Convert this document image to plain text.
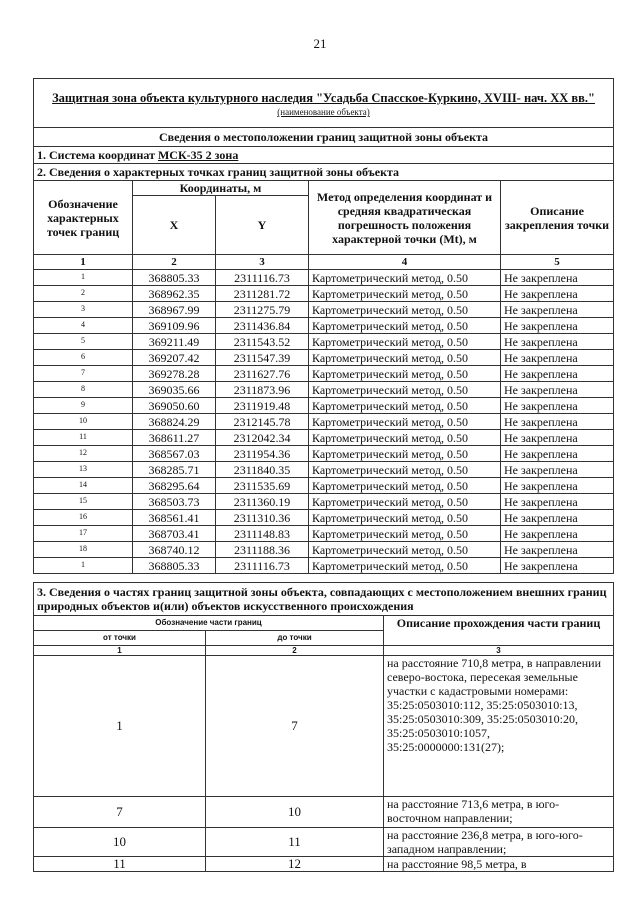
21
Защитная зона объекта культурного наследия "Усадьба Спасское-Куркино, XVIII- нач. XX вв."
(наименование объекта)				

Сведения о местоположении границ защитной зоны объекта				
1. Система координат МСК-35 2 зона				
2. Сведения о характерных точках границ защитной зоны объекта				
Обозначение характерных точек границ	Координаты, м		Метод определения координат и средняя квадратическая погрешность положения характерной точки (Mt), м	Описание закрепления точки
	X	Y		
1	2	3	4	5
1	368805.33	2311116.73	Картометрический метод, 0.50	Не закреплена
2	368962.35	2311281.72	Картометрический метод, 0.50	Не закреплена
3	368967.99	2311275.79	Картометрический метод, 0.50	Не закреплена
4	369109.96	2311436.84	Картометрический метод, 0.50	Не закреплена
5	369211.49	2311543.52	Картометрический метод, 0.50	Не закреплена
6	369207.42	2311547.39	Картометрический метод, 0.50	Не закреплена
7	369278.28	2311627.76	Картометрический метод, 0.50	Не закреплена
8	369035.66	2311873.96	Картометрический метод, 0.50	Не закреплена
9	369050.60	2311919.48	Картометрический метод, 0.50	Не закреплена
10	368824.29	2312145.78	Картометрический метод, 0.50	Не закреплена
11	368611.27	2312042.34	Картометрический метод, 0.50	Не закреплена
12	368567.03	2311954.36	Картометрический метод, 0.50	Не закреплена
13	368285.71	2311840.35	Картометрический метод, 0.50	Не закреплена
14	368295.64	2311535.69	Картометрический метод, 0.50	Не закреплена
15	368503.73	2311360.19	Картометрический метод, 0.50	Не закреплена
16	368561.41	2311310.36	Картометрический метод, 0.50	Не закреплена
17	368703.41	2311148.83	Картометрический метод, 0.50	Не закреплена
18	368740.12	2311188.36	Картометрический метод, 0.50	Не закреплена
1	368805.33	2311116.73	Картометрический метод, 0.50	Не закреплена
3. Сведения о частях границ защитной зоны объекта, совпадающих с местоположением внешних границ природных объектов и(или) объектов искусственного происхождения		
Обозначение части границ		Описание прохождения части границ
от точки	до точки	
1	2	3
1	7	на расстояние 710,8 метра, в направлении северо-востока, пересекая земельные участки с кадастровыми номерами: 35:25:0503010:112, 35:25:0503010:13, 35:25:0503010:309, 35:25:0503010:20, 35:25:0503010:1057, 35:25:0000000:131(27);
7	10	на расстояние 713,6 метра, в юго-восточном направлении;
10	11	на расстояние 236,8 метра, в юго-юго-западном направлении;
11	12	на расстояние 98,5 метра, в
